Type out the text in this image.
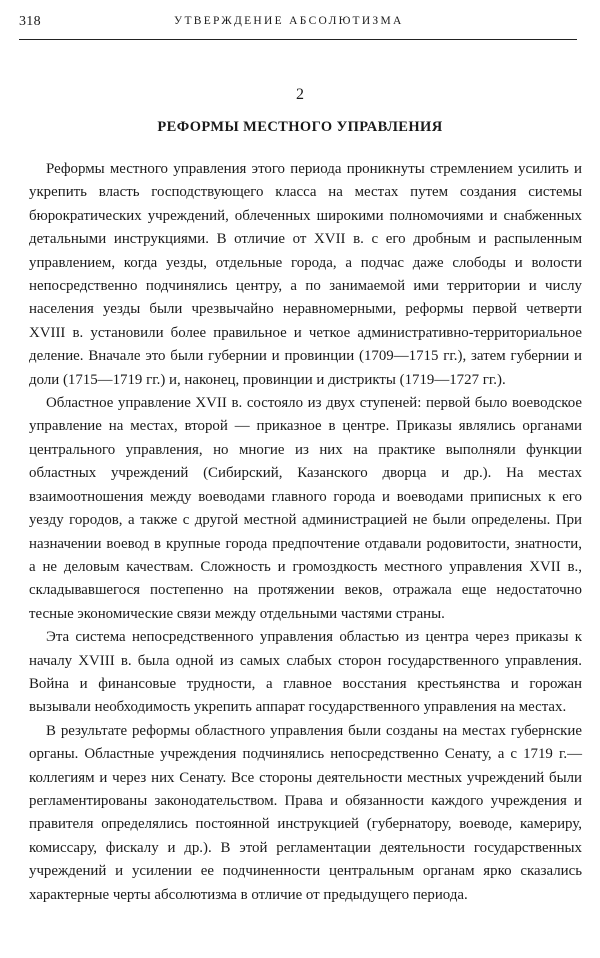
318	УТВЕРЖДЕНИЕ АБСОЛЮТИЗМА
2
РЕФОРМЫ МЕСТНОГО УПРАВЛЕНИЯ

Реформы местного управления этого периода проникнуты стремлением усилить и укрепить власть господствующего класса на местах путем создания системы бюрократических учреждений, облеченных широкими полномочиями и снабженных детальными инструкциями. В отличие от XVII в. с его дробным и распыленным управлением, когда уезды, отдельные города, а подчас даже слободы и волости непосредственно подчинялись центру, а по занимаемой ими территории и числу населения уезды были чрезвычайно неравномерными, реформы первой четверти XVIII в. установили более правильное и четкое административно-территориальное деление. Вначале это были губернии и провинции (1709—1715 гг.), затем губернии и доли (1715—1719 гг.) и, наконец, провинции и дистрикты (1719—1727 гг.).

Областное управление XVII в. состояло из двух ступеней: первой было воеводское управление на местах, второй — приказное в центре. Приказы являлись органами центрального управления, но многие из них на практике выполняли функции областных учреждений (Сибирский, Казанского дворца и др.). На местах взаимоотношения между воеводами главного города и воеводами приписных к его уезду городов, а также с другой местной администрацией не были определены. При назначении воевод в крупные города предпочтение отдавали родовитости, знатности, а не деловым качествам. Сложность и громоздкость местного управления XVII в., складывавшегося постепенно на протяжении веков, отражала еще недостаточно тесные экономические связи между отдельными частями страны.

Эта система непосредственного управления областью из центра через приказы к началу XVIII в. была одной из самых слабых сторон государственного управления. Война и финансовые трудности, а главное восстания крестьянства и горожан вызывали необходимость укрепить аппарат государственного управления на местах.

В результате реформы областного управления были созданы на местах губернские органы. Областные учреждения подчинялись непосредственно Сенату, а с 1719 г.— коллегиям и через них Сенату. Все стороны деятельности местных учреждений были регламентированы законодательством. Права и обязанности каждого учреждения и правителя определялись постоянной инструкцией (губернатору, воеводе, камериру, комиссару, фискалу и др.). В этой регламентации деятельности государственных учреждений и усилении ее подчиненности центральным органам ярко сказались характерные черты абсолютизма в отличие от предыдущего периода.
